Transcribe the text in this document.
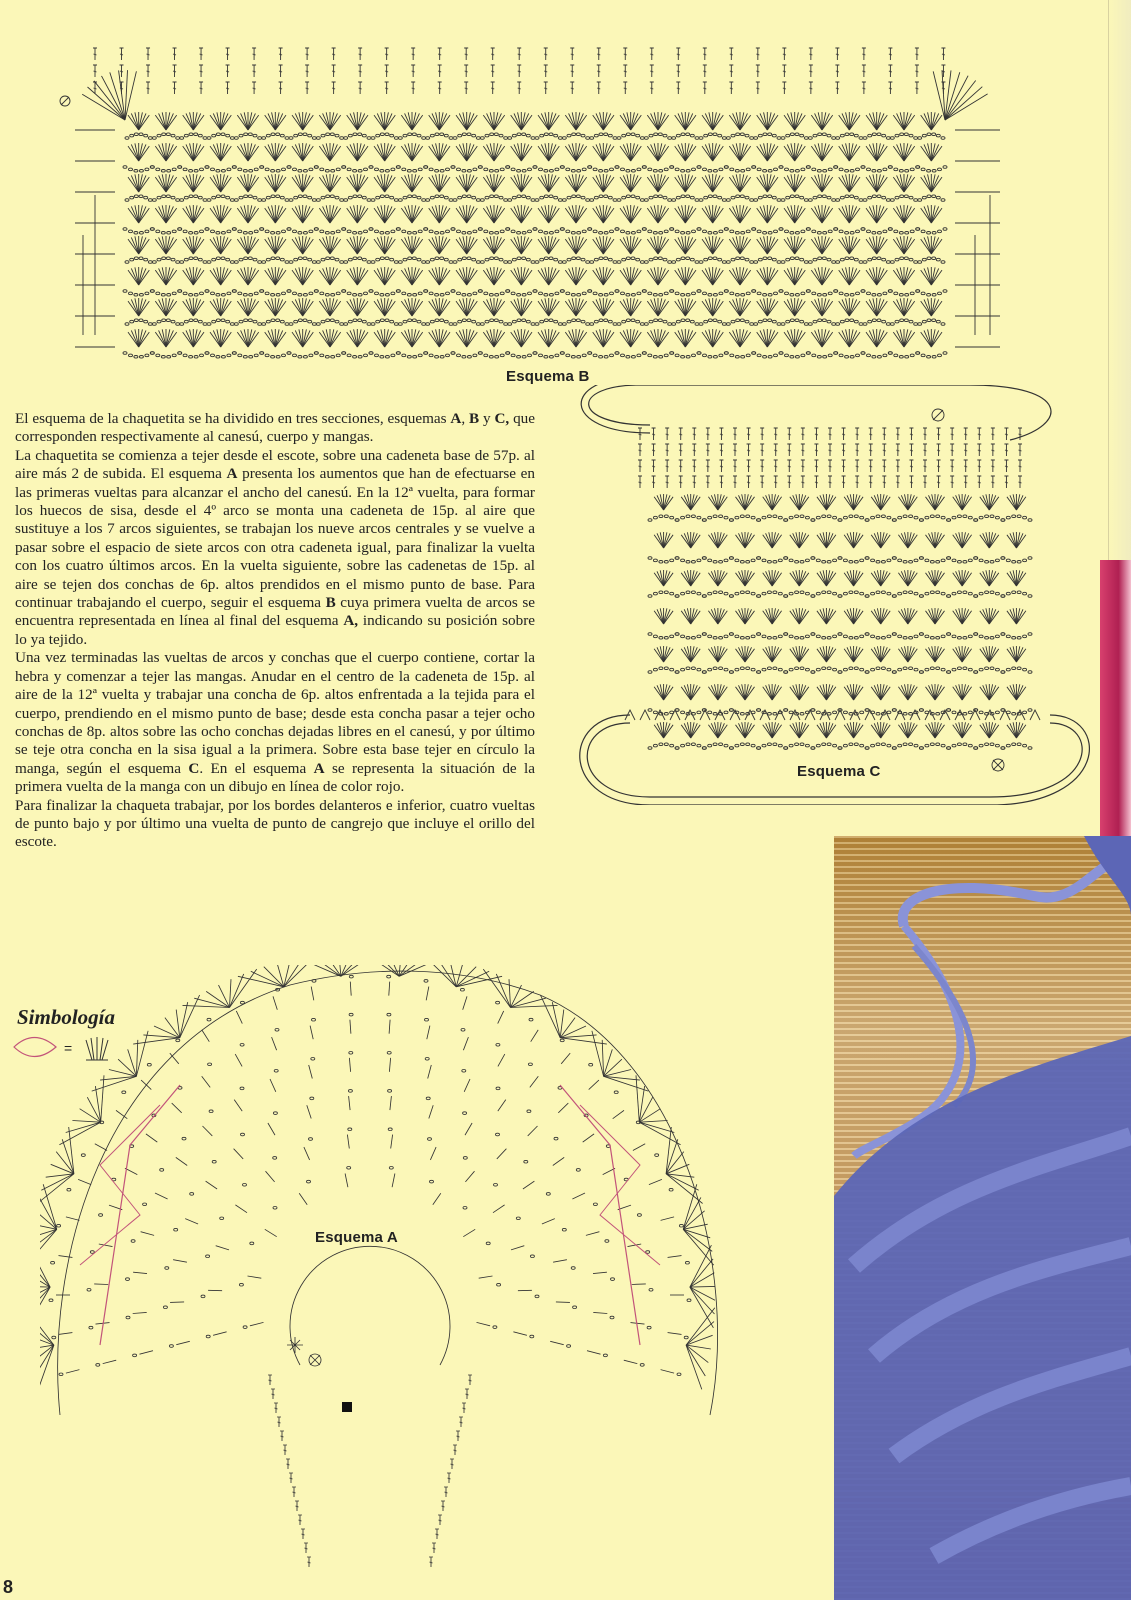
Esquema B

El esquema de la chaquetita se ha dividido en tres secciones, esquemas A, B y C, que corresponden respectivamente al canesú, cuerpo y mangas.

La chaquetita se comienza a tejer desde el escote, sobre una cadeneta base de 57p. al aire más 2 de subida. El esquema A presenta los aumentos que han de efectuarse en las primeras vueltas para alcanzar el ancho del canesú. En la 12ª vuelta, para formar los huecos de sisa, desde el 4º arco se monta una cadeneta de 15p. al aire que sustituye a los 7 arcos siguientes, se trabajan los nueve arcos centrales y se vuelve a pasar sobre el espacio de siete arcos con otra cadeneta igual, para finalizar la vuelta con los cuatro últimos arcos. En la vuelta siguiente, sobre las cadenetas de 15p. al aire se tejen dos conchas de 6p. altos prendidos en el mismo punto de base. Para continuar trabajando el cuerpo, seguir el esquema B cuya primera vuelta de arcos se encuentra representada en línea al final del esquema A, indicando su posición sobre lo ya tejido.

Una vez terminadas las vueltas de arcos y conchas que el cuerpo contiene, cortar la hebra y comenzar a tejer las mangas. Anudar en el centro de la cadeneta de 15p. al aire de la 12ª vuelta y trabajar una concha de 6p. altos enfrentada a la tejida para el cuerpo, prendiendo en el mismo punto de base; desde esta concha pasar a tejer ocho conchas de 8p. altos sobre las ocho conchas dejadas libres en el canesú, y por último se teje otra concha en la sisa igual a la primera. Sobre esta base tejer en círculo la manga, según el esquema C. En el esquema A se representa la situación de la primera vuelta de la manga con un dibujo en línea de color rojo.

Para finalizar la chaqueta trabajar, por los bordes delanteros e inferior, cuatro vueltas de punto bajo y por último una vuelta de punto de cangrejo que incluye el orillo del escote.

Esquema C
Simbología
=
Esquema A
8
